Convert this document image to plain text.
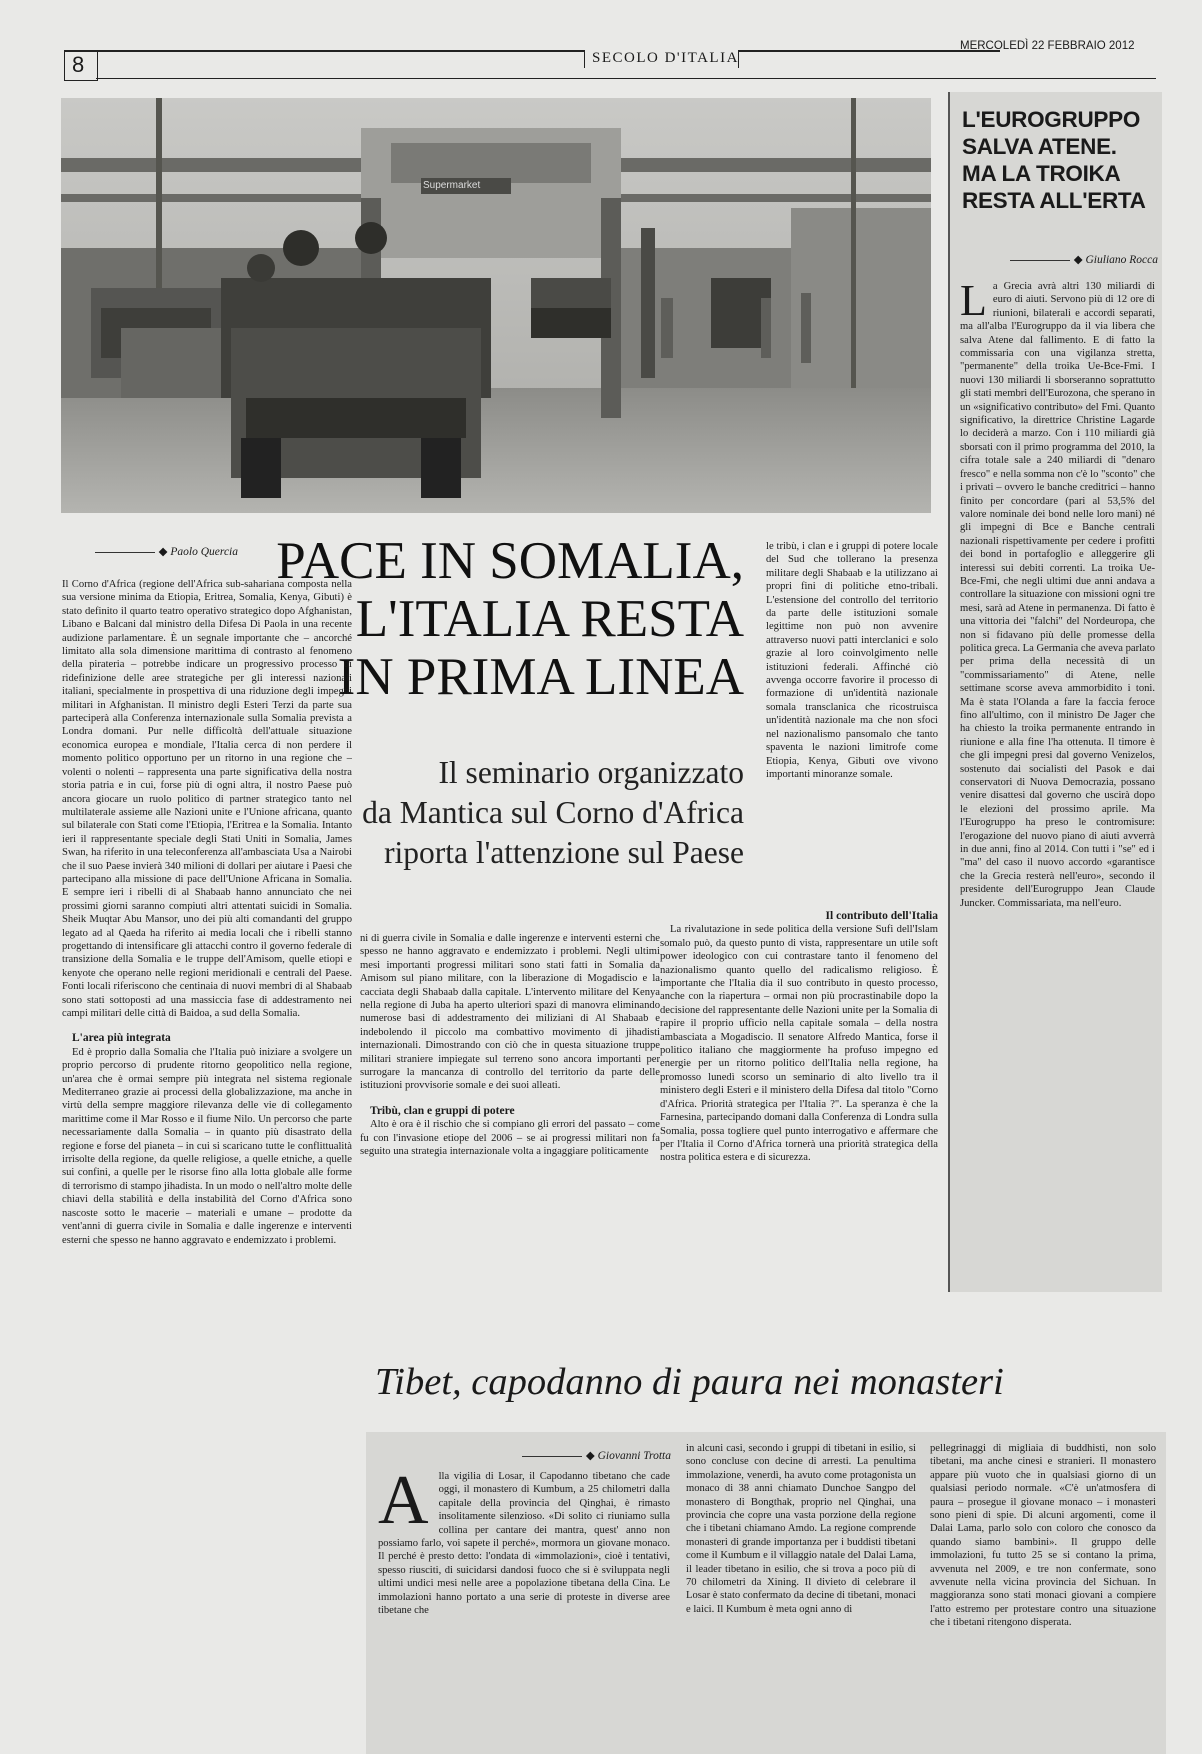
8	SECOLO D'ITALIA
MERCOLEDÌ 22 FEBBRAIO 2012
Supermarket
◆ Paolo Quercia PACE IN SOMALIA,
L'ITALIA RESTA
IN PRIMA LINEA
Il seminario organizzato
da Mantica sul Corno d'Africa
riporta l'attenzione sul Paese

Il Corno d'Africa (regione dell'Africa sub-sahariana composta nella sua versione minima da Etiopia, Eritrea, Somalia, Kenya, Gibuti) è stato definito il quarto teatro operativo strategico dopo Afghanistan, Libano e Balcani dal ministro della Difesa Di Paola in una recente audizione parlamentare. È un segnale importante che – ancorché limitato alla sola dimensione marittima di contrasto al fenomeno della pirateria – potrebbe indicare un progressivo processo di ridefinizione delle aree strategiche per gli interessi nazionali italiani, specialmente in prospettiva di una riduzione degli impegni militari in Afghanistan. Il ministro degli Esteri Terzi da parte sua parteciperà alla Conferenza internazionale sulla Somalia prevista a Londra domani. Pur nelle difficoltà dell'attuale situazione economica europea e mondiale, l'Italia cerca di non perdere il momento politico opportuno per un ritorno in una regione che – volenti o nolenti – rappresenta una parte significativa della nostra storia patria e in cui, forse più di ogni altra, il nostro Paese può ancora giocare un ruolo politico di partner strategico tanto nel multilaterale assieme alle Nazioni unite e l'Unione africana, quanto sul bilaterale con Stati come l'Etiopia, l'Eritrea e la Somalia. Intanto ieri il rappresentante speciale degli Stati Uniti in Somalia, James Swan, ha riferito in una teleconferenza all'ambasciata Usa a Nairobi che il suo Paese invierà 340 milioni di dollari per aiutare i Paesi che partecipano alla missione di pace dell'Unione Africana in Somalia. E sempre ieri i ribelli di al Shabaab hanno annunciato che nei prossimi giorni saranno compiuti altri attentati suicidi in Somalia. Sheik Muqtar Abu Mansor, uno dei più alti comandanti del gruppo legato ad al Qaeda ha riferito ai media locali che i ribelli stanno progettando di intensificare gli attacchi contro il governo federale di transizione della Somalia e le truppe dell'Amisom, quelle etiopi e kenyote che operano nelle regioni meridionali e centrali del Paese. Fonti locali riferiscono che centinaia di nuovi membri di al Shabaab sono stati sottoposti ad una massiccia fase di addestramento nei campi militari delle città di Baidoa, a sud della Somalia.

L'area più integrata

Ed è proprio dalla Somalia che l'Italia può iniziare a svolgere un proprio percorso di prudente ritorno geopolitico nella regione, un'area che è ormai sempre più integrata nel sistema regionale Mediterraneo grazie ai processi della globalizzazione, ma anche in virtù della sempre maggiore rilevanza delle vie di collegamento marittime come il Mar Rosso e il fiume Nilo. Un percorso che parte necessariamente dalla Somalia – in quanto più disastrato della regione e forse del pianeta – in cui si scaricano tutte le conflittualità irrisolte della regione, da quelle religiose, a quelle etniche, a quelle sui confini, a quelle per le risorse fino alla lotta globale alle forme di terrorismo di stampo jihadista. In un modo o nell'altro molte delle chiavi della stabilità e della instabilità del Corno d'Africa sono nascoste sotto le macerie – materiali e umane – prodotte da vent'anni di guerra civile in Somalia e dalle ingerenze e interventi esterni che spesso ne hanno aggravato e endemizzato i problemi.

ni di guerra civile in Somalia e dalle ingerenze e interventi esterni che spesso ne hanno aggravato e endemizzato i problemi. Negli ultimi mesi importanti progressi militari sono stati fatti in Somalia da Amisom sul piano militare, con la liberazione di Mogadiscio e la cacciata degli Shabaab dalla capitale. L'intervento militare del Kenya nella regione di Juba ha aperto ulteriori spazi di manovra eliminando numerose basi di addestramento dei miliziani di Al Shabaab e indebolendo il piccolo ma combattivo movimento di jihadisti internazionali. Dimostrando con ciò che in questa situazione truppe militari straniere impiegate sul terreno sono ancora importanti per surrogare la mancanza di controllo del territorio da parte delle istituzioni provvisorie somale e dei suoi alleati.

Tribù, clan e gruppi di potere

Alto è ora è il rischio che si compiano gli errori del passato – come fu con l'invasione etiope del 2006 – se ai progressi militari non fa seguito una strategia internazionale volta a ingaggiare politicamente

le tribù, i clan e i gruppi di potere locale del Sud che tollerano la presenza militare degli Shabaab e la utilizzano ai propri fini di politiche etno-tribali. L'estensione del controllo del territorio da parte delle istituzioni somale legittime non può non avvenire attraverso nuovi patti interclanici e solo grazie al loro coinvolgimento nelle istituzioni federali. Affinché ciò avvenga occorre favorire il processo di formazione di un'identità nazionale somala transclanica che ricostruisca un'identità nazionale ma che non sfoci nel nazionalismo pansomalo che tanto spaventa le nazioni limitrofe come Etiopia, Kenya, Gibuti ove vivono importanti minoranze somale.

Il contributo dell'Italia

La rivalutazione in sede politica della versione Sufi dell'Islam somalo può, da questo punto di vista, rappresentare un utile soft power ideologico con cui contrastare tanto il fenomeno del nazionalismo quanto quello del radicalismo religioso. È importante che l'Italia dia il suo contributo in questo processo, anche con la riapertura – ormai non più procrastinabile dopo la decisione del rappresentante delle Nazioni unite per la Somalia di rapire il proprio ufficio nella capitale somala – della nostra ambasciata a Mogadiscio. Il senatore Alfredo Mantica, forse il politico italiano che maggiormente ha profuso impegno ed energie per un ritorno politico dell'Italia nella regione, ha promosso lunedì scorso un seminario di alto livello tra il ministero degli Esteri e il ministero della Difesa dal titolo "Corno d'Africa. Priorità strategica per l'Italia ?". La speranza è che la Farnesina, partecipando domani dalla Conferenza di Londra sulla Somalia, possa togliere quel punto interrogativo e affermare che per l'Italia il Corno d'Africa tornerà una priorità strategica della nostra politica estera e di sicurezza.

L'EUROGRUPPO
SALVA ATENE.
MA LA TROIKA
RESTA ALL'ERTA
◆ Giuliano Rocca
L a Grecia avrà altri 130 miliardi di euro di aiuti. Servono più di 12 ore di riunioni, bilaterali e accordi separati, ma all'alba l'Eurogruppo da il via libera che salva Atene dal fallimento. E di fatto la commissaria con una vigilanza stretta, "permanente" della troika Ue-Bce-Fmi. I nuovi 130 miliardi li sborseranno soprattutto gli stati membri dell'Eurozona, che sperano in un «significativo contributo» del Fmi. Quanto significativo, la direttrice Christine Lagarde lo deciderà a marzo. Con i 110 miliardi già sborsati con il primo programma del 2010, la cifra totale sale a 240 miliardi di "denaro fresco" e nella somma non c'è lo "sconto" che i privati – ovvero le banche creditrici – hanno finito per concordare (pari al 53,5% del valore nominale dei bond nelle loro mani) né gli impegni di Bce e Banche centrali nazionali rispettivamente per cedere i profitti dei bond in portafoglio e alleggerire gli interessi sui debiti correnti. La troika Ue-Bce-Fmi, che negli ultimi due anni andava a controllare la situazione con missioni ogni tre mesi, sarà ad Atene in permanenza. Di fatto è una vittoria dei "falchi" del Nordeuropa, che non si fidavano più delle promesse della politica greca. La Germania che aveva parlato per prima della necessità di un "commissariamento" di Atene, nelle settimane scorse aveva ammorbidito i toni. Ma è stata l'Olanda a fare la faccia feroce fino all'ultimo, con il ministro De Jager che ha chiesto la troika permanente entrando in riunione e alla fine l'ha ottenuta. Il timore è che gli impegni presi dal governo Venizelos, sostenuto dai socialisti del Pasok e dai conservatori di Nuova Democrazia, possano venire disattesi dal governo che uscirà dopo le elezioni del prossimo aprile. Ma l'Eurogruppo ha preso le contromisure: l'erogazione del nuovo piano di aiuti avverrà in due anni, fino al 2014. Con tutti i "se" ed i "ma" del caso il nuovo accordo «garantisce che la Grecia resterà nell'euro», secondo il presidente dell'Eurogruppo Jean Claude Juncker. Commissariata, ma nell'euro.
Tibet, capodanno di paura nei monasteri
◆ Giovanni Trotta
A lla vigilia di Losar, il Capodanno tibetano che cade oggi, il monastero di Kumbum, a 25 chilometri dalla capitale della provincia del Qinghai, è rimasto insolitamente silenzioso. «Di solito ci riuniamo sulla collina per cantare dei mantra, quest' anno non possiamo farlo, voi sapete il perché», mormora un giovane monaco. Il perché è presto detto: l'ondata di «immolazioni», cioè i tentativi, spesso riusciti, di suicidarsi dandosi fuoco che si è sviluppata negli ultimi undici mesi nelle aree a popolazione tibetana della Cina. Le immolazioni hanno portato a una serie di proteste in diverse aree tibetane che

in alcuni casi, secondo i gruppi di tibetani in esilio, si sono concluse con decine di arresti. La penultima immolazione, venerdì, ha avuto come protagonista un monaco di 38 anni chiamato Dunchoe Sangpo del monastero di Bongthak, proprio nel Qinghai, una provincia che copre una vasta porzione della regione che i tibetani chiamano Amdo. La regione comprende monasteri di grande importanza per i buddisti tibetani come il Kumbum e il villaggio natale del Dalai Lama, il leader tibetano in esilio, che si trova a poco più di 70 chilometri da Xining. Il divieto di celebrare il Losar è stato confermato da decine di tibetani, monaci e laici. Il Kumbum è meta ogni anno di

pellegrinaggi di migliaia di buddhisti, non solo tibetani, ma anche cinesi e stranieri. Il monastero appare più vuoto che in qualsiasi giorno di un qualsiasi periodo normale. «C'è un'atmosfera di paura – prosegue il giovane monaco – i monasteri sono pieni di spie. Di alcuni argomenti, come il Dalai Lama, parlo solo con coloro che conosco da quando siamo bambini». Il gruppo delle immolazioni, fu tutto 25 se si contano la prima, avvenuta nel 2009, e tre non confermate, sono avvenute nella vicina provincia del Sichuan. In maggioranza sono stati monaci giovani a compiere l'atto estremo per protestare contro una situazione che i tibetani ritengono disperata.
